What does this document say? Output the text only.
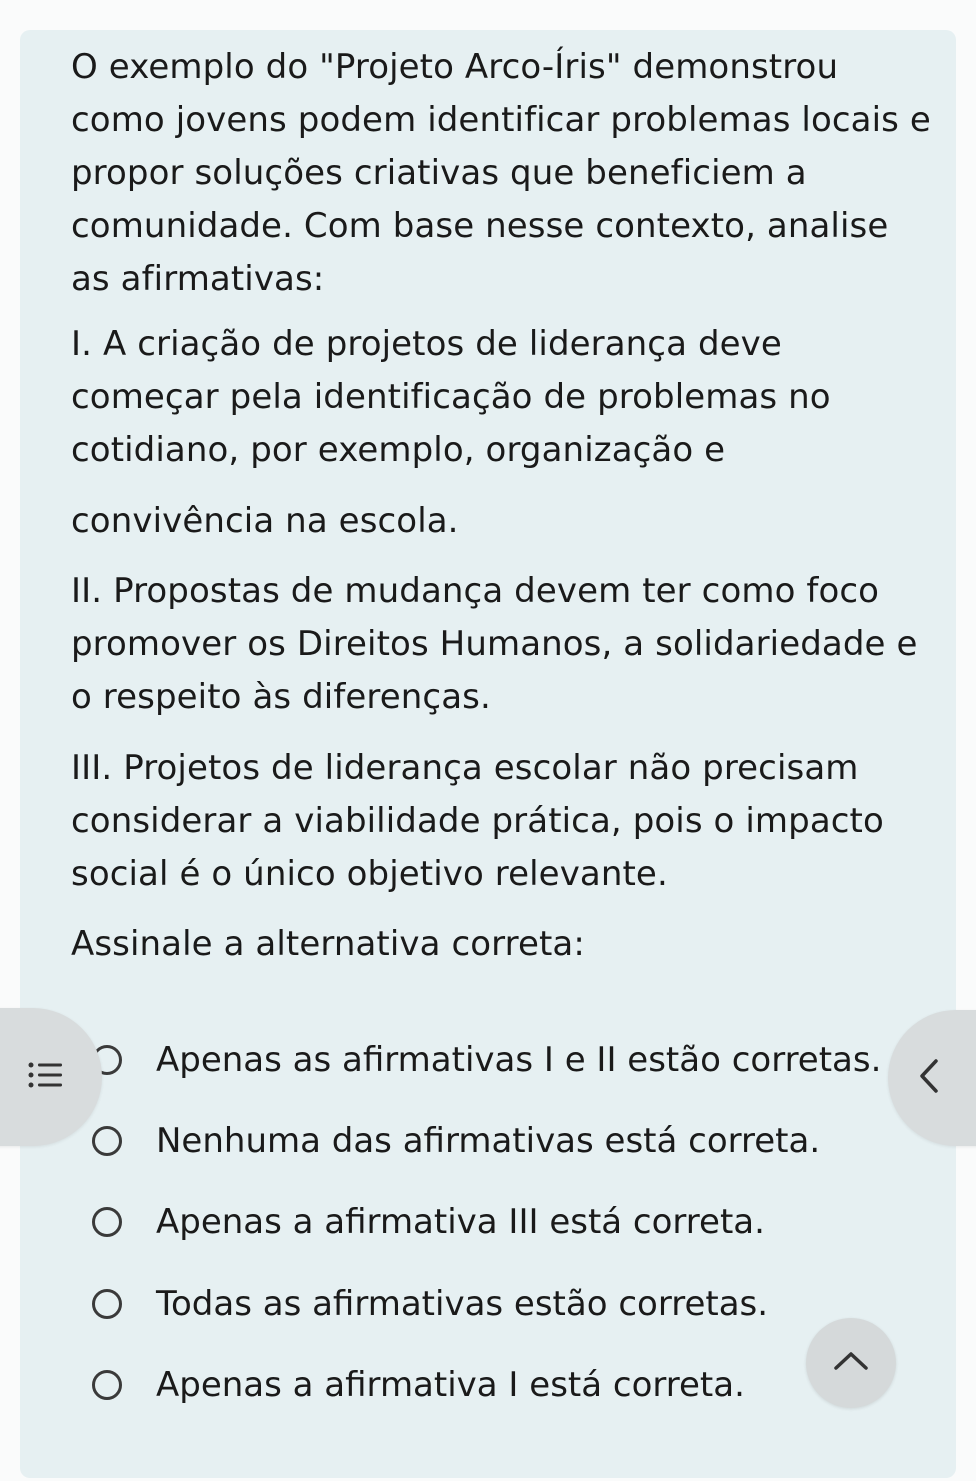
O exemplo do "Projeto Arco-Íris" demonstrou como jovens podem identificar problemas locais e propor soluções criativas que beneficiem a comunidade. Com base nesse contexto, analise as afirmativas:
I. A criação de projetos de liderança deve começar pela identificação de problemas no cotidiano, por exemplo, organização e
convivência na escola.
II. Propostas de mudança devem ter como foco promover os Direitos Humanos, a solidariedade e o respeito às diferenças.
III. Projetos de liderança escolar não precisam considerar a viabilidade prática, pois o impacto social é o único objetivo relevante.
Assinale a alternativa correta:
Apenas as afirmativas I e II estão corretas.
Nenhuma das afirmativas está correta.
Apenas a afirmativa III está correta.
Todas as afirmativas estão corretas.
Apenas a afirmativa I está correta.
